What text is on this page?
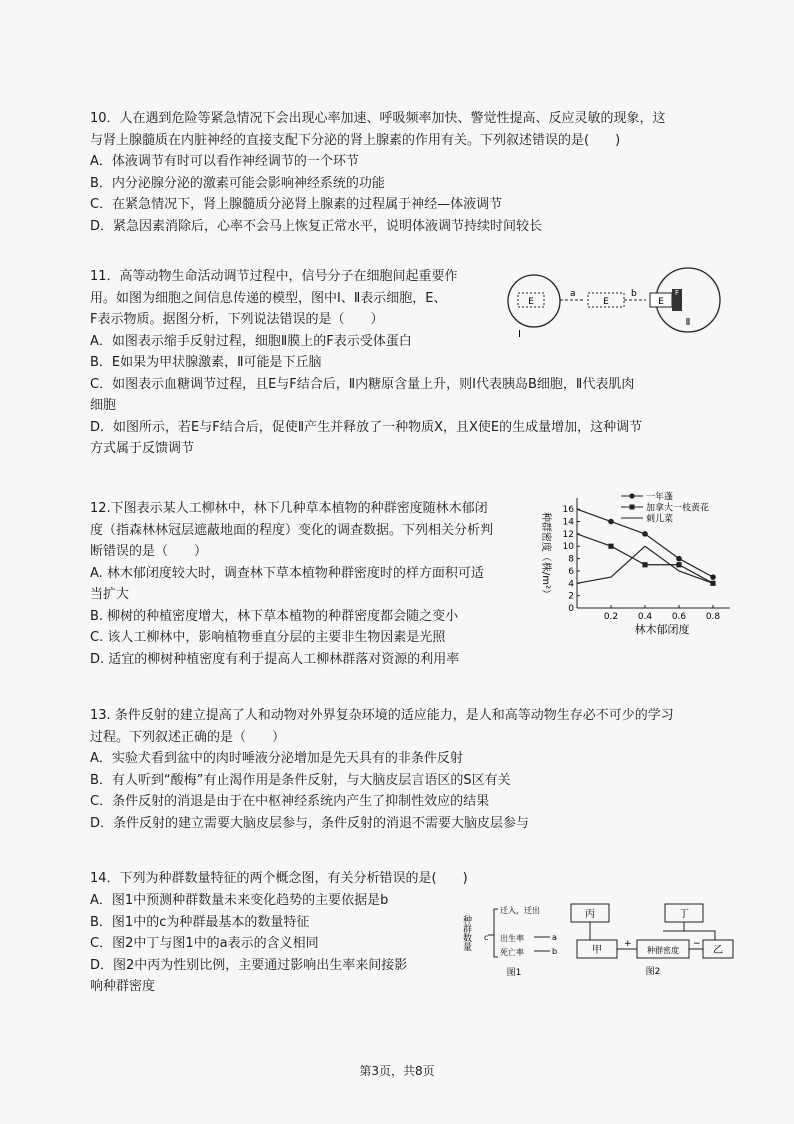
10．人在遇到危险等紧急情况下会出现心率加速、呼吸频率加快、警觉性提高、反应灵敏的现象，这

与肾上腺髓质在内脏神经的直接支配下分泌的肾上腺素的作用有关。下列叙述错误的是(　　)

A．体液调节有时可以看作神经调节的一个环节

B．内分泌腺分泌的激素可能会影响神经系统的功能

C．在紧急情况下，肾上腺髓质分泌肾上腺素的过程属于神经—体液调节

D．紧急因素消除后，心率不会马上恢复正常水平，说明体液调节持续时间较长

11．高等动物生命活动调节过程中，信号分子在细胞间起重要作

用。如图为细胞之间信息传递的模型，图中Ⅰ、Ⅱ表示细胞，E、

F表示物质。据图分析，下列说法错误的是（　　）

A．如图表示缩手反射过程，细胞Ⅱ膜上的F表示受体蛋白

B．E如果为甲状腺激素，Ⅱ可能是下丘脑

C．如图表示血糖调节过程，且E与F结合后，Ⅱ内糖原含量上升，则Ⅰ代表胰岛B细胞，Ⅱ代表肌肉

细胞

D．如图所示，若E与F结合后，促使Ⅱ产生并释放了一种物质X，且X使E的生成量增加，这种调节

方式属于反馈调节

E
a
E
b
E
F
Ⅰ
Ⅱ

12.下图表示某人工柳林中，林下几种草本植物的种群密度随林木郁闭

度（指森林林冠层遮蔽地面的程度）变化的调查数据。下列相关分析判

断错误的是（　　）

A. 林木郁闭度较大时，调查林下草本植物种群密度时的样方面积可适

当扩大

B. 柳树的种植密度增大，林下草本植物的种群密度都会随之变小

C. 该人工柳林中，影响植物垂直分层的主要非生物因素是光照

D. 适宜的柳树种植密度有利于提高人工柳林群落对资源的利用率

0
2
4
6
8
10
12
14
16
0.2 0.4 0.6 0.8
一年蓬
加拿大一枝黄花
刺儿菜
林木郁闭度
种群密度（株/m²）

13. 条件反射的建立提高了人和动物对外界复杂环境的适应能力，是人和高等动物生存必不可少的学习

过程。下列叙述正确的是（　　）

A．实验犬看到盆中的肉时唾液分泌增加是先天具有的非条件反射

B．有人听到“酸梅”有止渴作用是条件反射，与大脑皮层言语区的S区有关

C．条件反射的消退是由于在中枢神经系统内产生了抑制性效应的结果

D．条件反射的建立需要大脑皮层参与，条件反射的消退不需要大脑皮层参与

14．下列为种群数量特征的两个概念图，有关分析错误的是(　　)

A．图1中预测种群数量未来变化趋势的主要依据是b

B．图1中的c为种群最基本的数量特征

C．图2中丁与图1中的a表示的含义相同

D．图2中丙为性别比例，主要通过影响出生率来间接影

响种群密度

种群数量 c
迁入，迁出
出生率
死亡率
a
b
图1
丙	丁
甲	种群密度	乙
+	−
图2
第3页，共8页
